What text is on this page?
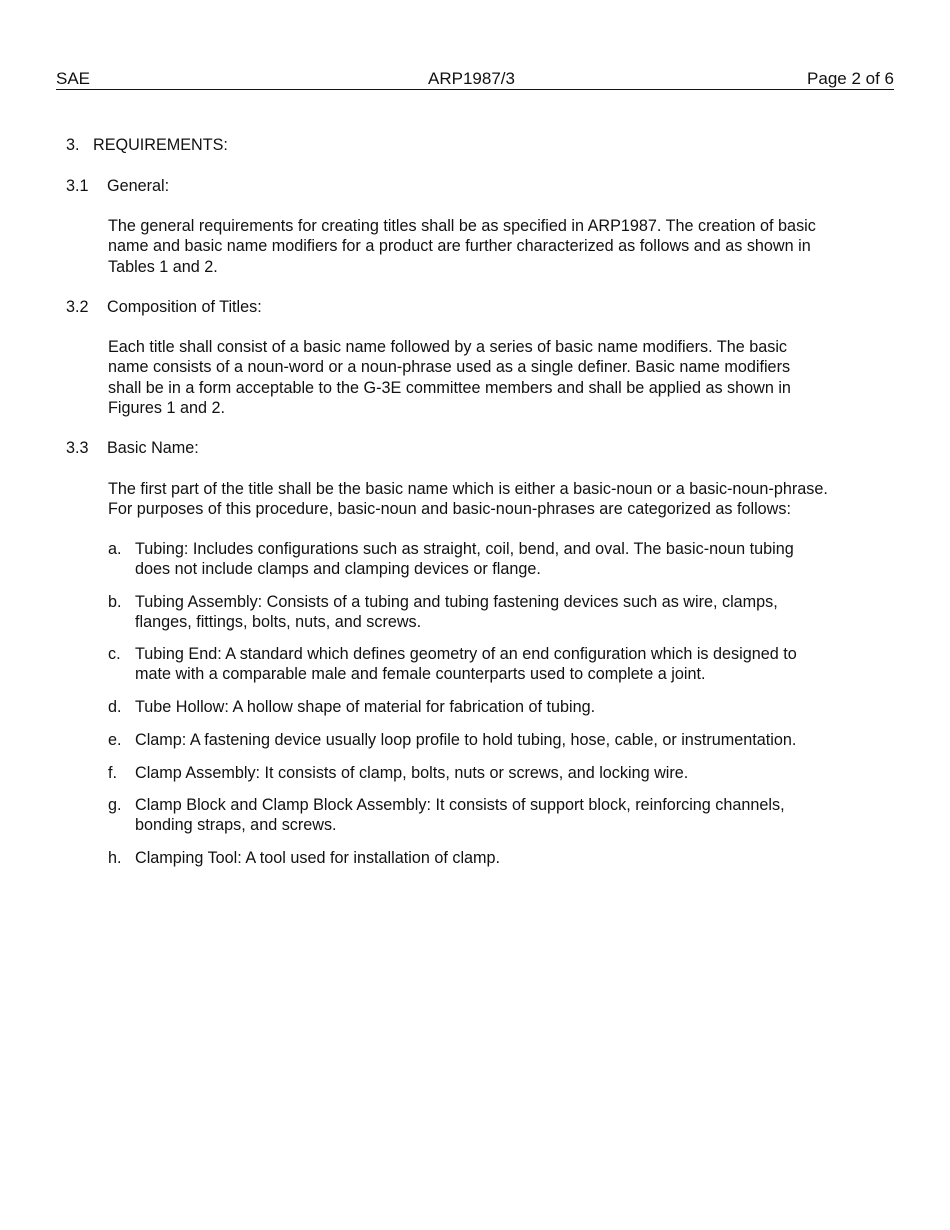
SAE	ARP1987/3	Page 2 of 6
3. REQUIREMENTS:
3.1 General:
The general requirements for creating titles shall be as specified in ARP1987. The creation of basic
name and basic name modifiers for a product are further characterized as follows and as shown in
Tables 1 and 2.
3.2 Composition of Titles:
Each title shall consist of a basic name followed by a series of basic name modifiers. The basic
name consists of a noun-word or a noun-phrase used as a single definer. Basic name modifiers
shall be in a form acceptable to the G-3E committee members and shall be applied as shown in
Figures 1 and 2.
3.3 Basic Name:
The first part of the title shall be the basic name which is either a basic-noun or a basic-noun-phrase.
For purposes of this procedure, basic-noun and basic-noun-phrases are categorized as follows:
a. Tubing: Includes configurations such as straight, coil, bend, and oval. The basic-noun tubing
does not include clamps and clamping devices or flange.
b. Tubing Assembly: Consists of a tubing and tubing fastening devices such as wire, clamps,
flanges, fittings, bolts, nuts, and screws.
c. Tubing End: A standard which defines geometry of an end configuration which is designed to
mate with a comparable male and female counterparts used to complete a joint.
d. Tube Hollow: A hollow shape of material for fabrication of tubing.
e. Clamp: A fastening device usually loop profile to hold tubing, hose, cable, or instrumentation.
f. Clamp Assembly: It consists of clamp, bolts, nuts or screws, and locking wire.
g. Clamp Block and Clamp Block Assembly: It consists of support block, reinforcing channels,
bonding straps, and screws.
h. Clamping Tool: A tool used for installation of clamp.
